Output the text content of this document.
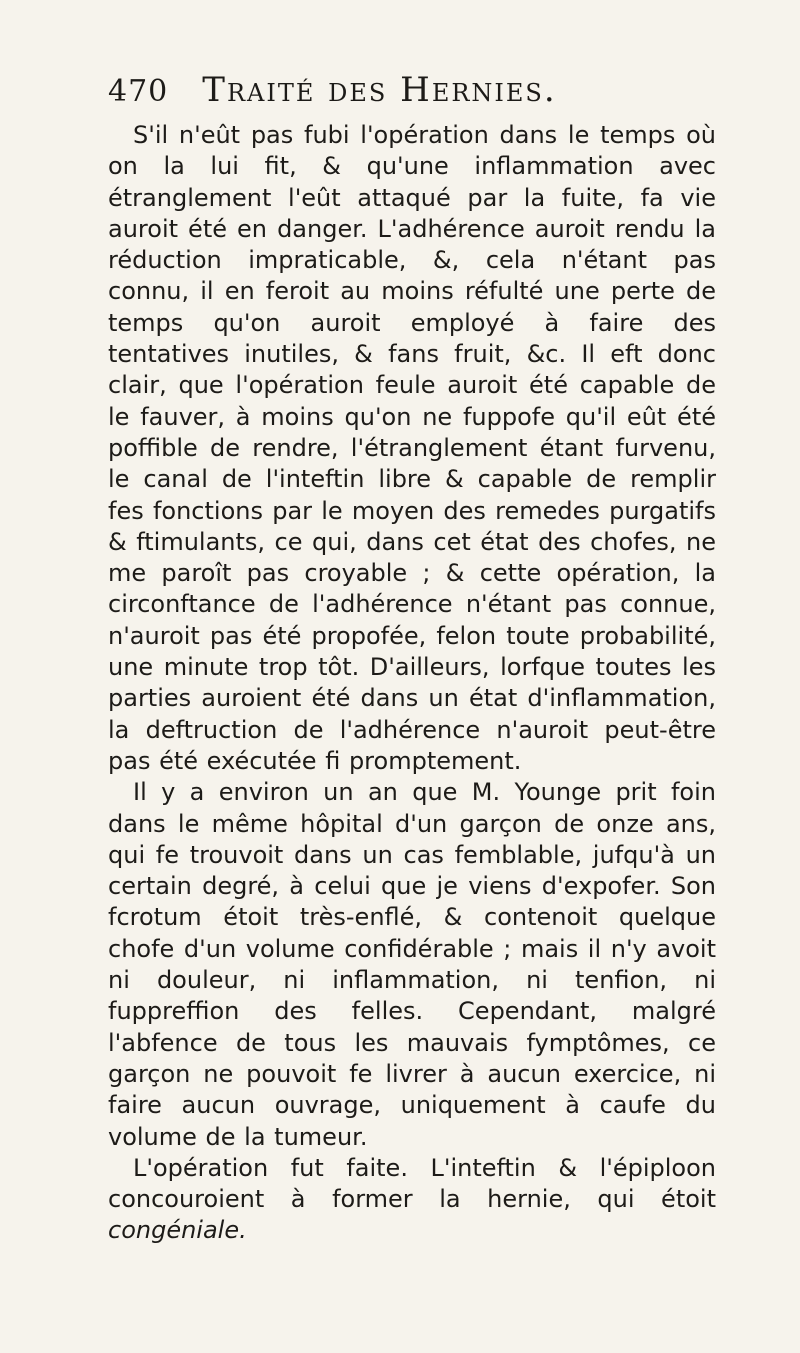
470 Traité des Hernies.

S'il n'eût pas fubi l'opération dans le temps où on la lui fit, & qu'une inflammation avec étranglement l'eût attaqué par la fuite, fa vie auroit été en danger. L'adhérence auroit rendu la réduction impraticable, &, cela n'étant pas connu, il en feroit au moins réfulté une perte de temps qu'on auroit employé à faire des tentatives inutiles, & fans fruit, &c. Il eft donc clair, que l'opération feule auroit été capable de le fauver, à moins qu'on ne fuppofe qu'il eût été poffible de rendre, l'étranglement étant furvenu, le canal de l'inteftin libre & capable de remplir fes fonctions par le moyen des remedes purgatifs & ftimulants, ce qui, dans cet état des chofes, ne me paroît pas croyable ; & cette opération, la circonftance de l'adhérence n'étant pas connue, n'auroit pas été propofée, felon toute probabilité, une minute trop tôt. D'ailleurs, lorfque toutes les parties auroient été dans un état d'inflammation, la deftruction de l'adhérence n'auroit peut-être pas été exécutée fi promptement.

Il y a environ un an que M. Younge prit foin dans le même hôpital d'un garçon de onze ans, qui fe trouvoit dans un cas femblable, jufqu'à un certain degré, à celui que je viens d'expofer. Son fcrotum étoit très-enflé, & contenoit quelque chofe d'un volume confidérable ; mais il n'y avoit ni douleur, ni inflammation, ni tenfion, ni fuppreffion des felles. Cependant, malgré l'abfence de tous les mauvais fymptômes, ce garçon ne pouvoit fe livrer à aucun exercice, ni faire aucun ouvrage, uniquement à caufe du volume de la tumeur.

L'opération fut faite. L'inteftin & l'épiploon concouroient à former la hernie, qui étoit congéniale.
